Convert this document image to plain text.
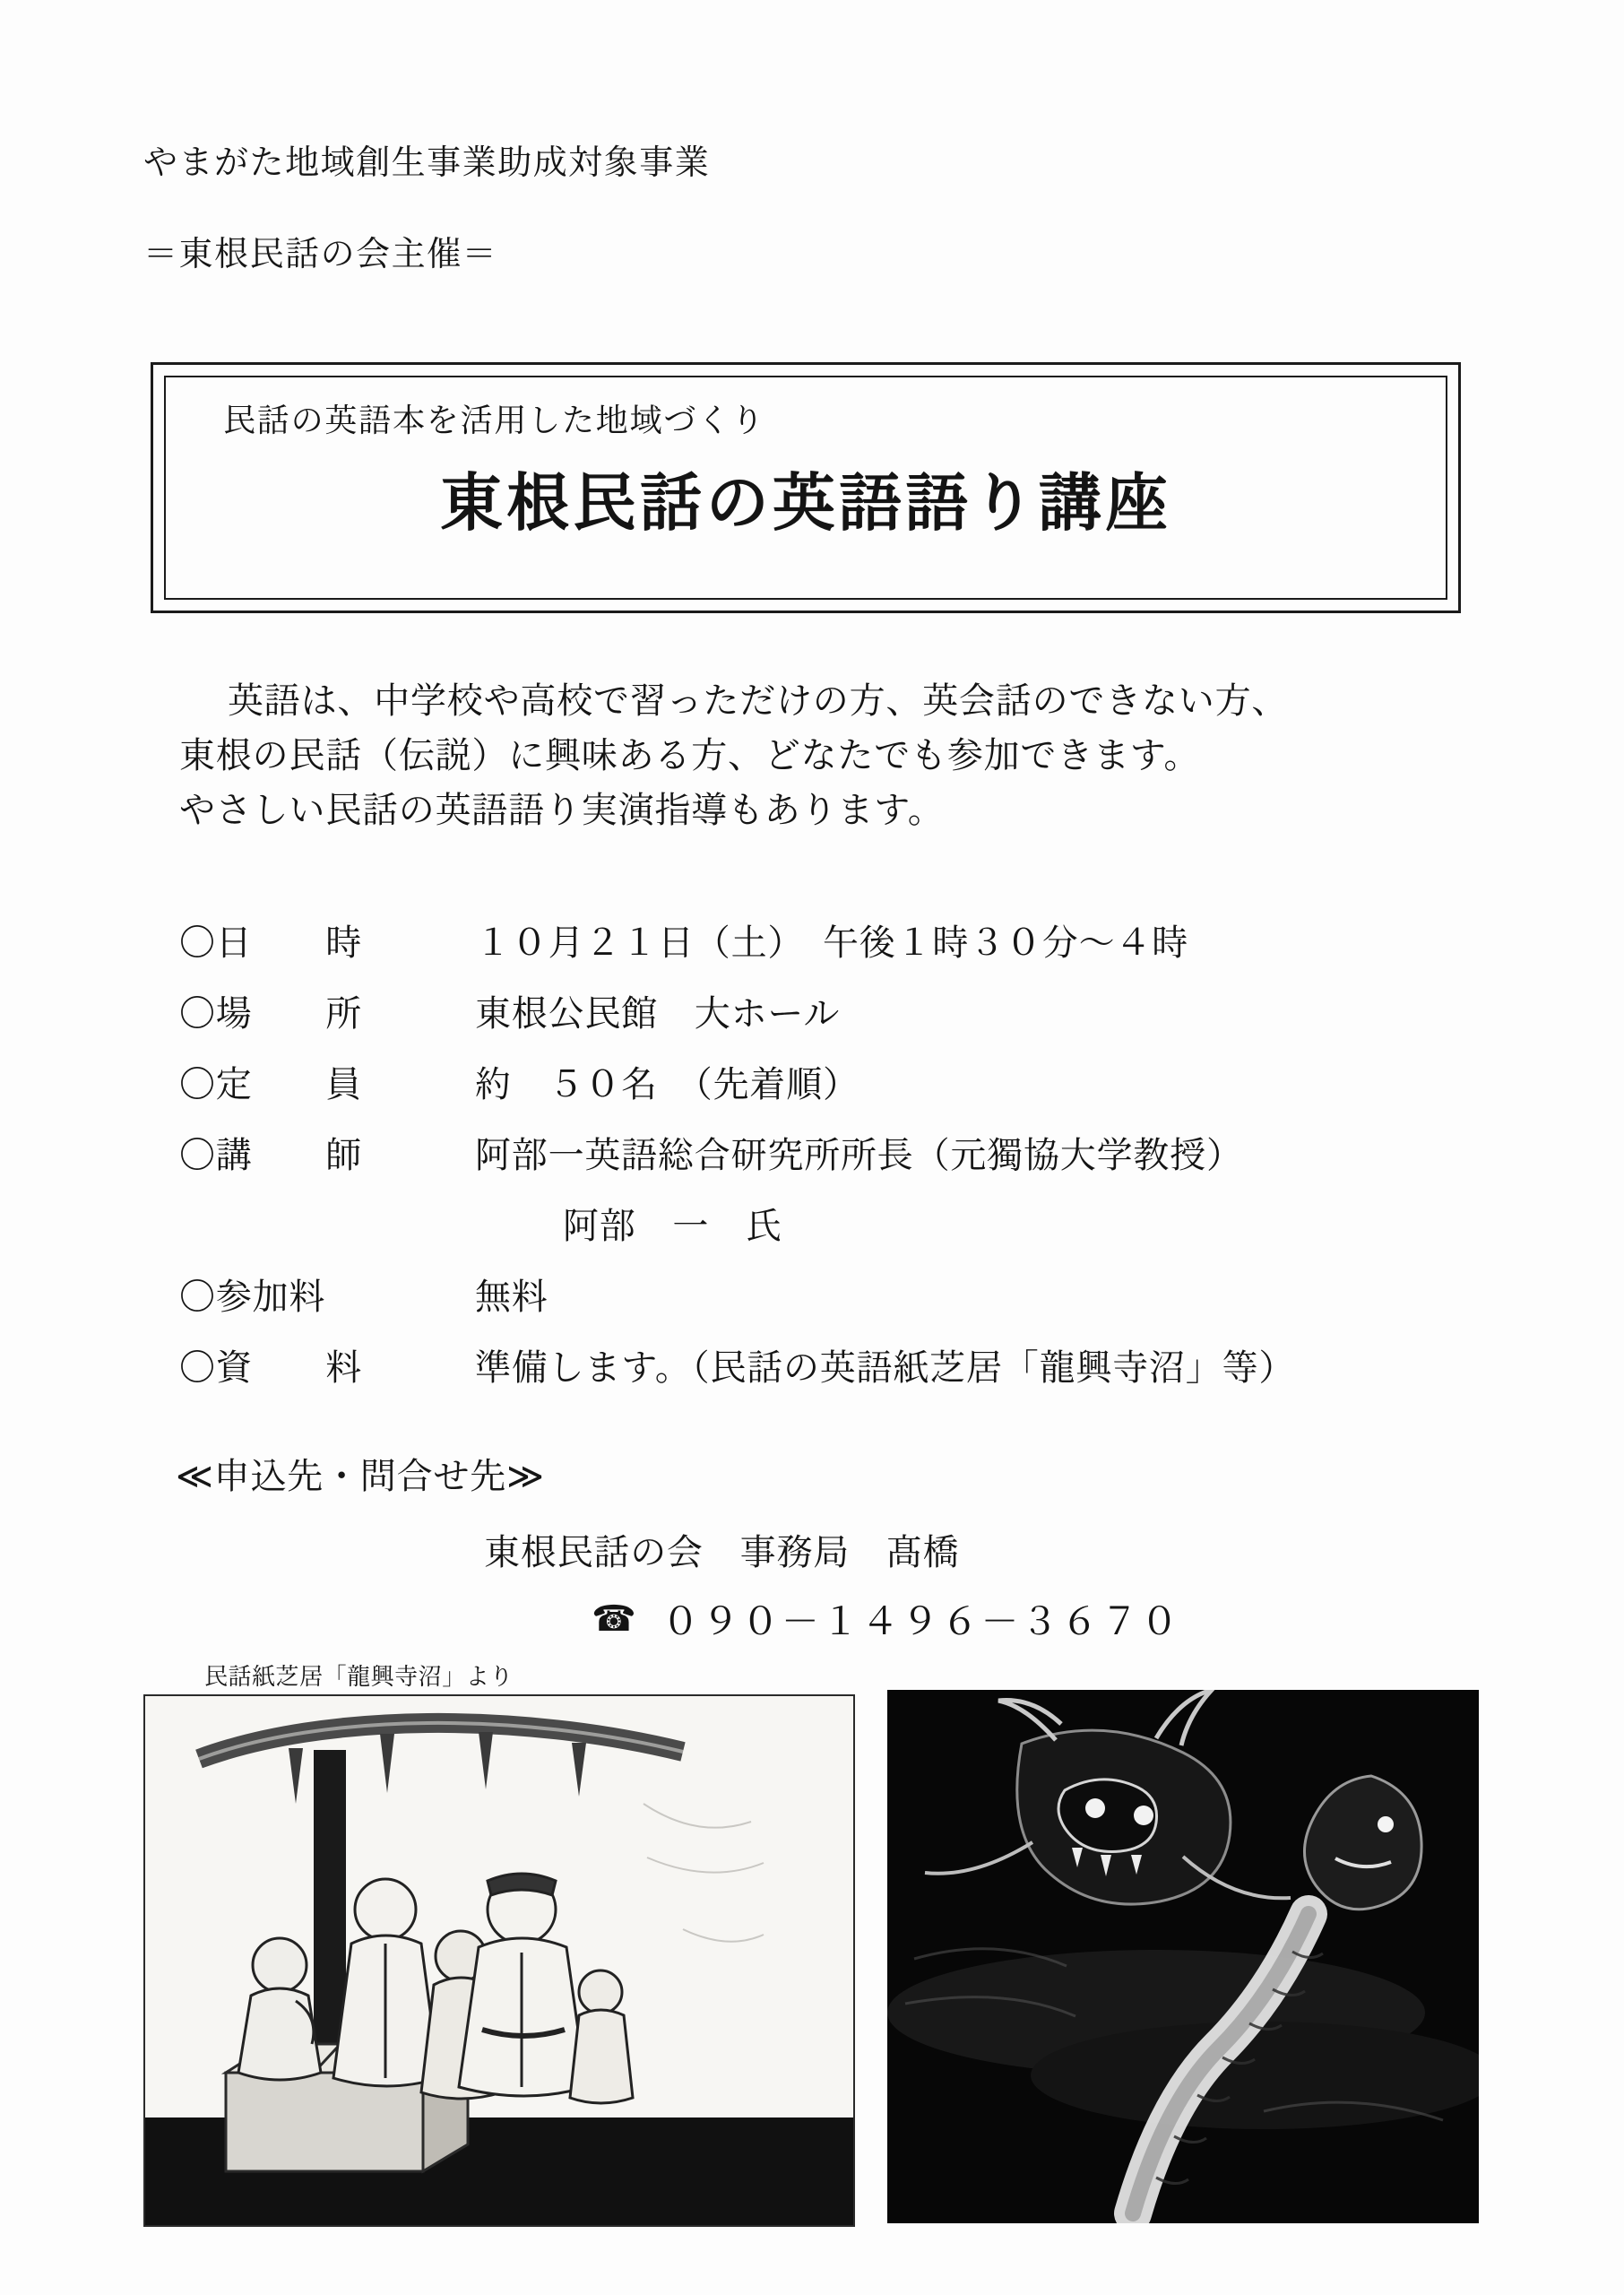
やまがた地域創生事業助成対象事業
＝東根民話の会主催＝
民話の英語本を活用した地域づくり
東根民話の英語語り講座
英語は、中学校や高校で習っただけの方、英会話のできない方、
東根の民話（伝説）に興味ある方、どなたでも参加できます。
やさしい民話の英語語り実演指導もあります。
〇日　　時	１０月２１日（土）　午後１時３０分～４時
〇場　　所	東根公民館　大ホール
〇定　　員	約　５０名　（先着順）
〇講　　師	阿部一英語総合研究所所長（元獨協大学教授）
阿部　一　氏
〇参加料	無料
〇資　　料	準備します。（民話の英語紙芝居「龍興寺沼」等）
≪申込先・問合せ先≫
東根民話の会　事務局　髙橋
☎ ０９０－１４９６－３６７０
民話紙芝居「龍興寺沼」より
